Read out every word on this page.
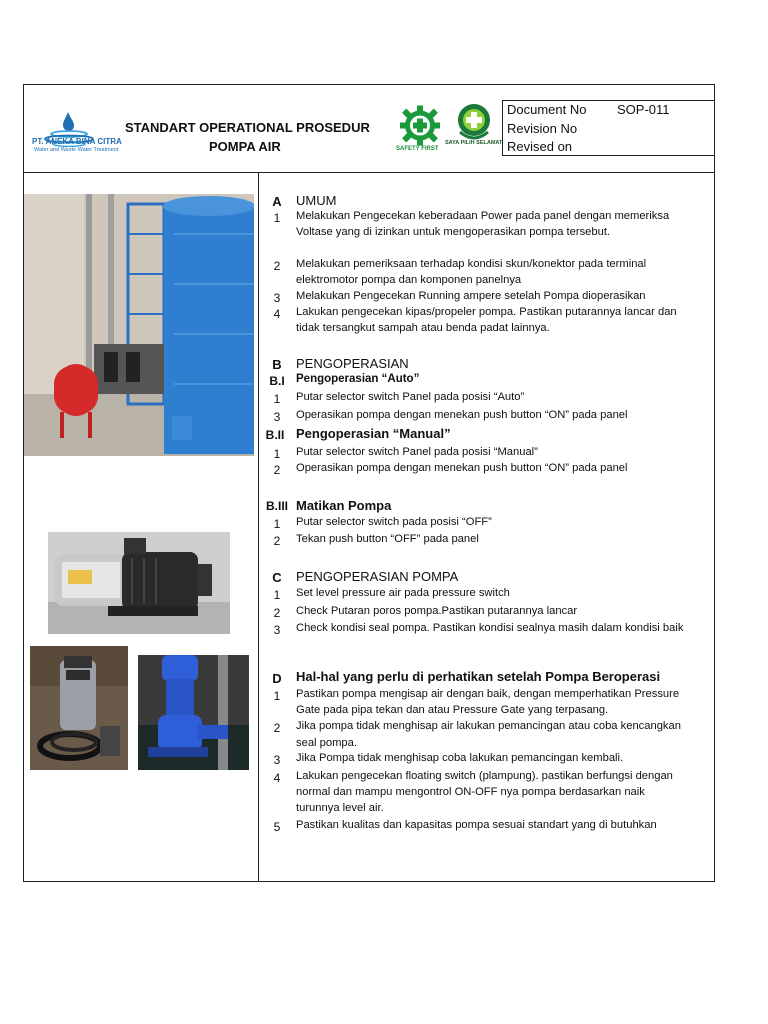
PT. ANEKA BINA CITRA
Water and Waste Water Treatment
STANDART OPERATIONAL PROSEDUR
POMPA AIR	SAFETY FIRST
SAYA PILIH SELAMAT
Document No SOP-011
Revision No
Revised on
A	UMUM
1	Melakukan Pengecekan keberadaan Power pada panel dengan memeriksa
Voltase yang di izinkan untuk mengoperasikan pompa tersebut.
2	Melakukan pemeriksaan terhadap kondisi skun/konektor pada terminal
elektromotor pompa dan komponen panelnya
3	Melakukan Pengecekan Running ampere setelah Pompa dioperasikan
4	Lakukan pengecekan kipas/propeler pompa. Pastikan putarannya lancar dan
tidak tersangkut sampah atau benda padat lainnya.
B	PENGOPERASIAN
B.I Pengoperasian “Auto”
1	Putar selector switch Panel pada posisi “Auto”
3	Operasikan pompa dengan menekan push button “ON” pada panel
B.II Pengoperasian “Manual”
1	Putar selector switch Panel pada posisi “Manual”
2	Operasikan pompa dengan menekan push button “ON” pada panel
B.III Matikan Pompa
1	Putar selector switch pada posisi “OFF”
2	Tekan push button “OFF” pada panel
C	PENGOPERASIAN POMPA
1	Set level pressure air pada pressure switch
2	Check Putaran poros pompa.Pastikan putarannya lancar
3	Check kondisi seal pompa. Pastikan kondisi sealnya masih dalam kondisi baik
D	Hal-hal yang perlu di perhatikan setelah Pompa Beroperasi
1	Pastikan pompa mengisap air dengan baik, dengan memperhatikan Pressure
Gate pada pipa tekan dan atau Pressure Gate yang terpasang.
2	Jika pompa tidak menghisap air lakukan pemancingan atau coba kencangkan
seal pompa.
3	Jika Pompa tidak menghisap coba lakukan pemancingan kembali.
4	Lakukan pengecekan floating switch (plampung). pastikan berfungsi dengan
normal dan mampu mengontrol ON-OFF nya pompa berdasarkan naik
turunnya level air.
5	Pastikan kualitas dan kapasitas pompa sesuai standart yang di butuhkan
